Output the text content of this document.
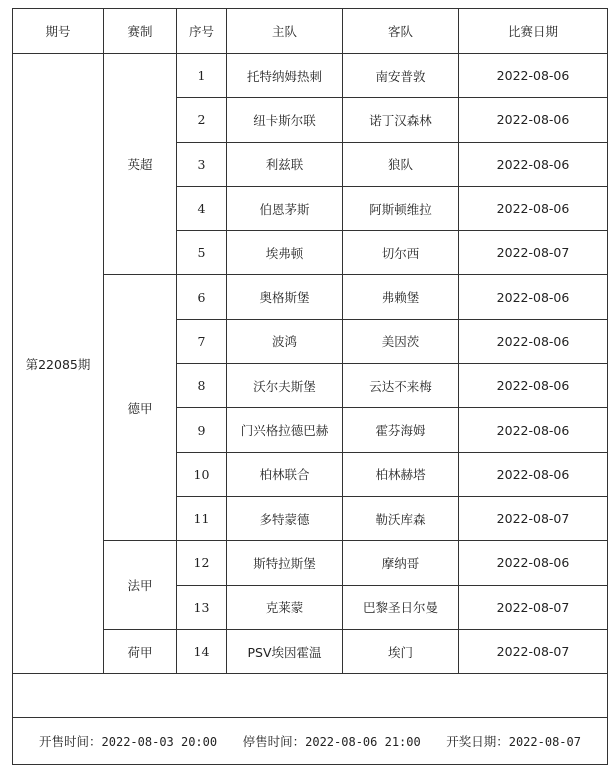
期号	赛制	序号	主队	客队	比赛日期
第22085期	英超	1	托特纳姆热刺	南安普敦	2022-08-06
		2	纽卡斯尔联	诺丁汉森林	2022-08-06
		3	利兹联	狼队	2022-08-06
		4	伯恩茅斯	阿斯顿维拉	2022-08-06
		5	埃弗顿	切尔西	2022-08-07
	德甲	6	奥格斯堡	弗赖堡	2022-08-06
		7	波鸿	美因茨	2022-08-06
		8	沃尔夫斯堡	云达不来梅	2022-08-06
		9	门兴格拉德巴赫	霍芬海姆	2022-08-06
		10	柏林联合	柏林赫塔	2022-08-06
		11	多特蒙德	勒沃库森	2022-08-07
	法甲	12	斯特拉斯堡	摩纳哥	2022-08-06
		13	克莱蒙	巴黎圣日尔曼	2022-08-07
	荷甲	14	PSV埃因霍温	埃门	2022-08-07

开售时间：2022-08-03 20:00 停售时间：2022-08-06 21:00 开奖日期：2022-08-07					
